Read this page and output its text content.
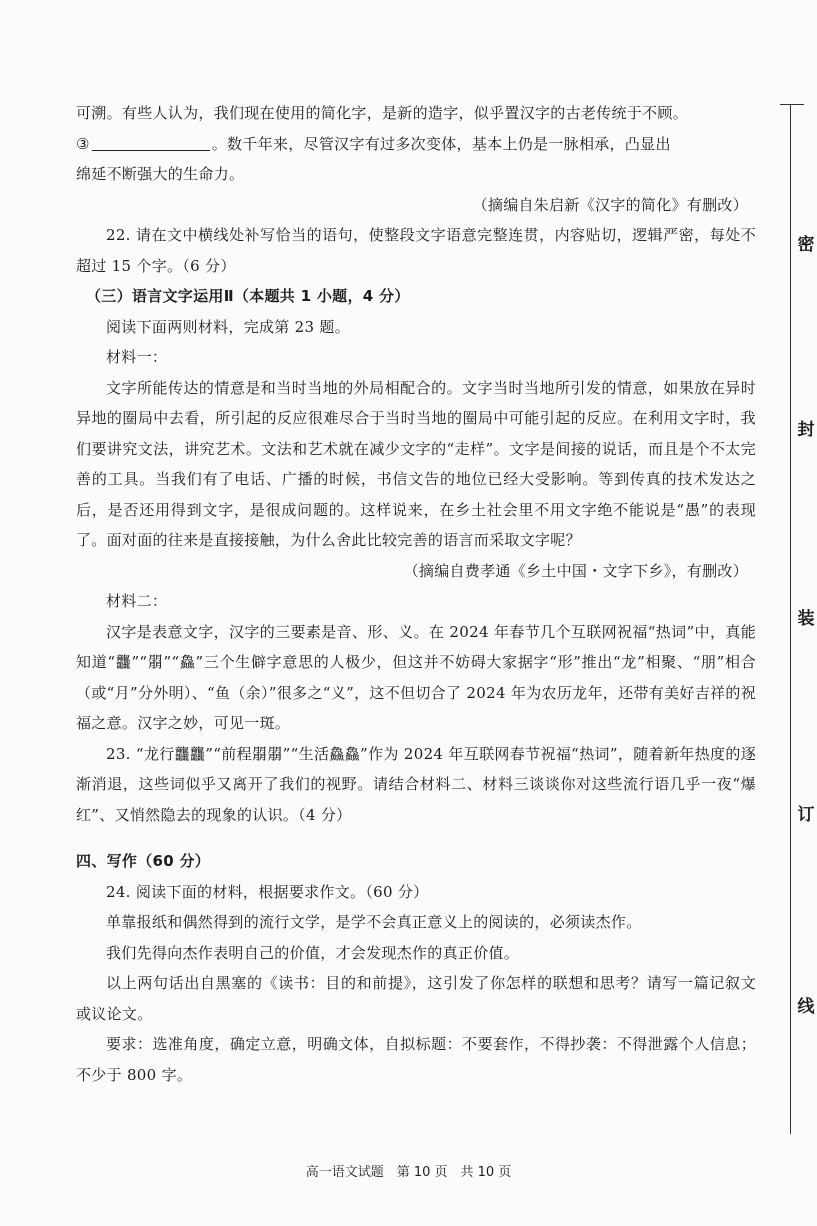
可溯。有些人认为，我们现在使用的简化字，是新的造字，似乎置汉字的古老传统于不顾。

③	。数千年来，尽管汉字有过多次变体，基本上仍是一脉相承，凸显出

绵延不断强大的生命力。

（摘编自朱启新《汉字的简化》有删改）

22. 请在文中横线处补写恰当的语句，使整段文字语意完整连贯，内容贴切，逻辑严密，每处不超过 15 个字。（6 分）

（三）语言文字运用Ⅱ（本题共 1 小题，4 分）

阅读下面两则材料，完成第 23 题。

材料一：

文字所能传达的情意是和当时当地的外局相配合的。文字当时当地所引发的情意，如果放在异时异地的圈局中去看，所引起的反应很难尽合于当时当地的圈局中可能引起的反应。在利用文字时，我们要讲究文法，讲究艺术。文法和艺术就在减少文字的“走样”。文字是间接的说话，而且是个不太完善的工具。当我们有了电话、广播的时候，书信文告的地位已经大受影响。等到传真的技术发达之后，是否还用得到文字，是很成问题的。这样说来，在乡土社会里不用文字绝不能说是“愚”的表现了。面对面的往来是直接接触，为什么舍此比较完善的语言而采取文字呢？

（摘编自费孝通《乡土中国・文字下乡》，有删改）

材料二：

汉字是表意文字，汉字的三要素是音、形、义。在 2024 年春节几个互联网祝福“热词”中，真能知道“龘”“朤”“鱻”三个生僻字意思的人极少，但这并不妨碍大家据字“形”推出“龙”相聚、“朋”相合（或“月”分外明）、“鱼（余）”很多之“义”，这不但切合了 2024 年为农历龙年，还带有美好吉祥的祝福之意。汉字之妙，可见一斑。

23. “龙行龘龘”“前程朤朤”“生活鱻鱻”作为 2024 年互联网春节祝福“热词”，随着新年热度的逐渐消退，这些词似乎又离开了我们的视野。请结合材料二、材料三谈谈你对这些流行语几乎一夜“爆红”、又悄然隐去的现象的认识。（4 分）

四、写作（60 分）

24. 阅读下面的材料，根据要求作文。（60 分）

单靠报纸和偶然得到的流行文学，是学不会真正意义上的阅读的，必须读杰作。

我们先得向杰作表明自己的价值，才会发现杰作的真正价值。

以上两句话出自黑塞的《读书：目的和前提》，这引发了你怎样的联想和思考？请写一篇记叙文或议论文。

要求：选准角度，确定立意，明确文体，自拟标题：不要套作，不得抄袭：不得泄露个人信息；不少于 800 字。

密
封
装
订
线
高一语文试题　第 10 页　共 10 页
